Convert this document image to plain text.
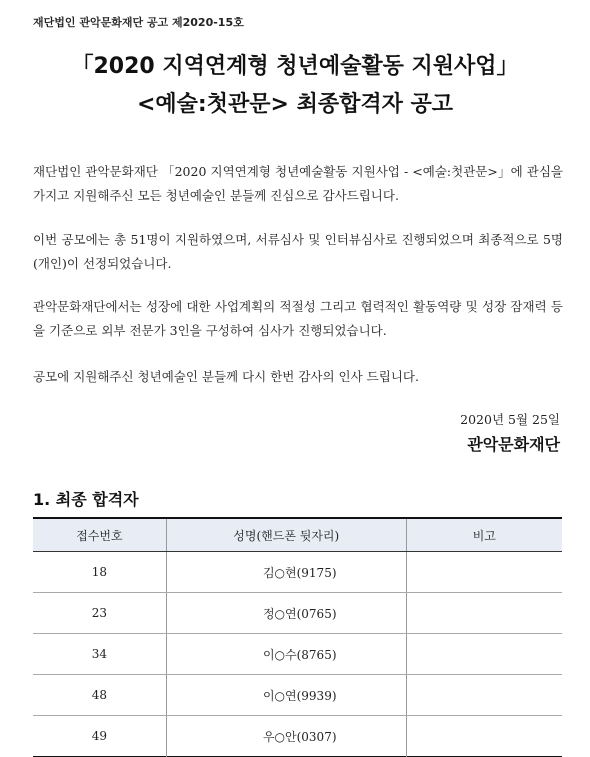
재단법인 관악문화재단 공고 제2020-15호
「2020 지역연계형 청년예술활동 지원사업」
<예술:첫관문> 최종합격자 공고
재단법인 관악문화재단 「2020 지역연계형 청년예술활동 지원사업 - <예술:첫관문>」에 관심을 가지고 지원해주신 모든 청년예술인 분들께 진심으로 감사드립니다.
이번 공모에는 총 51명이 지원하였으며, 서류심사 및 인터뷰심사로 진행되었으며 최종적으로 5명(개인)이 선정되었습니다.
관악문화재단에서는 성장에 대한 사업계획의 적절성 그리고 협력적인 활동역량 및 성장 잠재력 등을 기준으로 외부 전문가 3인을 구성하여 심사가 진행되었습니다.
공모에 지원해주신 청년예술인 분들께 다시 한번 감사의 인사 드립니다.
2020년 5월 25일
관악문화재단
1. 최종 합격자
접수번호	성명(핸드폰 뒷자리)	비고
18	김○현(9175)	
23	정○연(0765)	
34	이○수(8765)	
48	이○연(9939)	
49	우○안(0307)	
